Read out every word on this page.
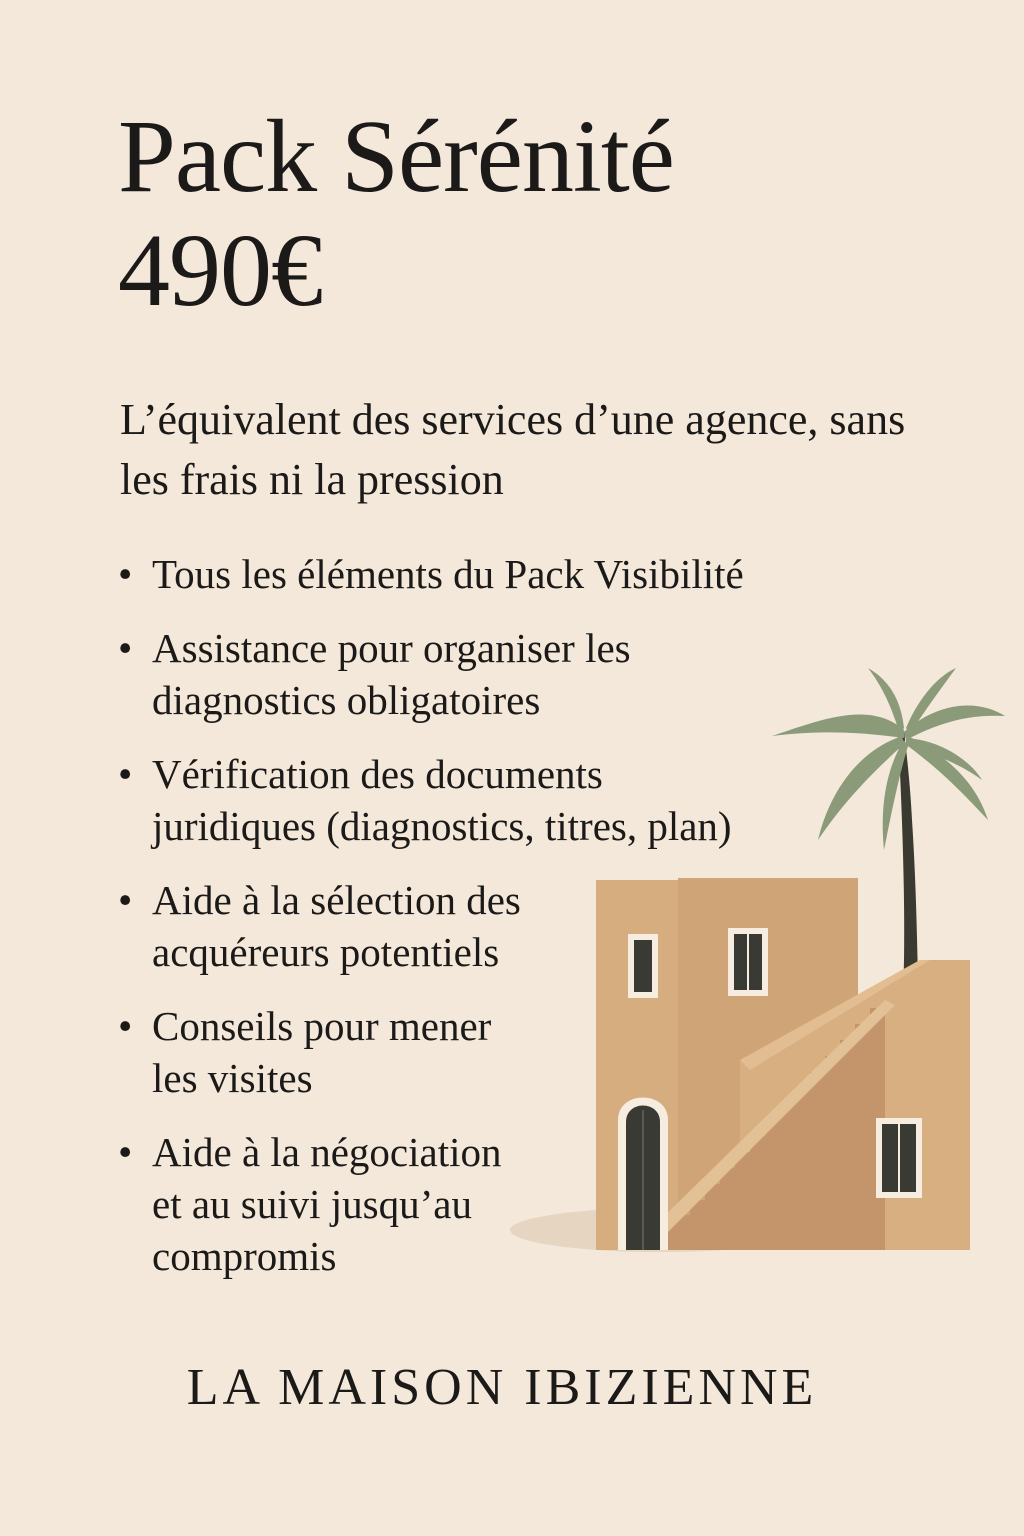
Pack Sérénité
490€

L’équivalent des services d’une agence, sans les frais ni la pression

• Tous les éléments du Pack Visibilité
• Assistance pour organiser les
diagnostics obligatoires
• Vérification des documents
juridiques (diagnostics, titres, plan)
• Aide à la sélection des
acquéreurs potentiels
• Conseils pour mener
les visites
• Aide à la négociation
et au suivi jusqu’au
compromis
LA MAISON IBIZIENNE
